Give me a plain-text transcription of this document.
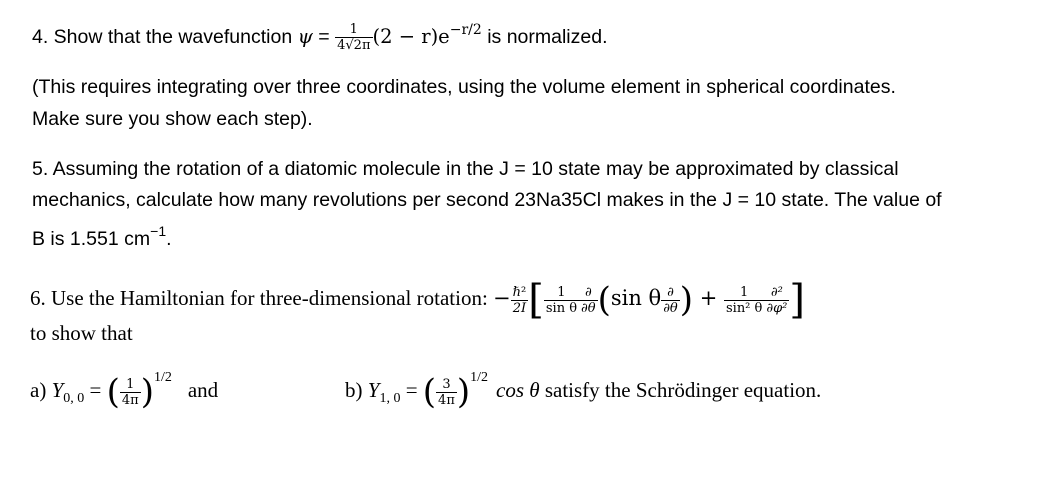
4. Show that the wavefunction $\psi = \frac{1}{4√2\pi} (2 - r)e^{-r/2}$ is normalized.
(This requires integrating over three coordinates, using the volume element in spherical coordinates.
Make sure you show each step).
5. Assuming the rotation of a diatomic molecule in the J = 10 state may be approximated by classical
mechanics, calculate how many revolutions per second 23Na35Cl makes in the J = 10 state. The value of
B is 1.551 $cm^{-1}$.
6. Use the Hamiltonian for three-dimensional rotation: − $\frac{\text{ℏ²}}{2I}$ [ $\frac{1}{\text{sin θ}} \frac{\partial}{\partial\theta} (\sin$ θ $\frac{\partial}{\partial\theta}$ ) + $\frac{1}{\text{sin² θ}} \frac{\text{∂²}}{\text{∂φ²}}$ ]
to show that
a) $Y_{0, 0}$ = ( $\frac{1}{4\pi} )^{1/2}and$	b) $Y_{1, 0}$ = ( $\frac{3}{4\pi} )^{1/2}\cos$ θ satisfy the Schrödinger equation.
